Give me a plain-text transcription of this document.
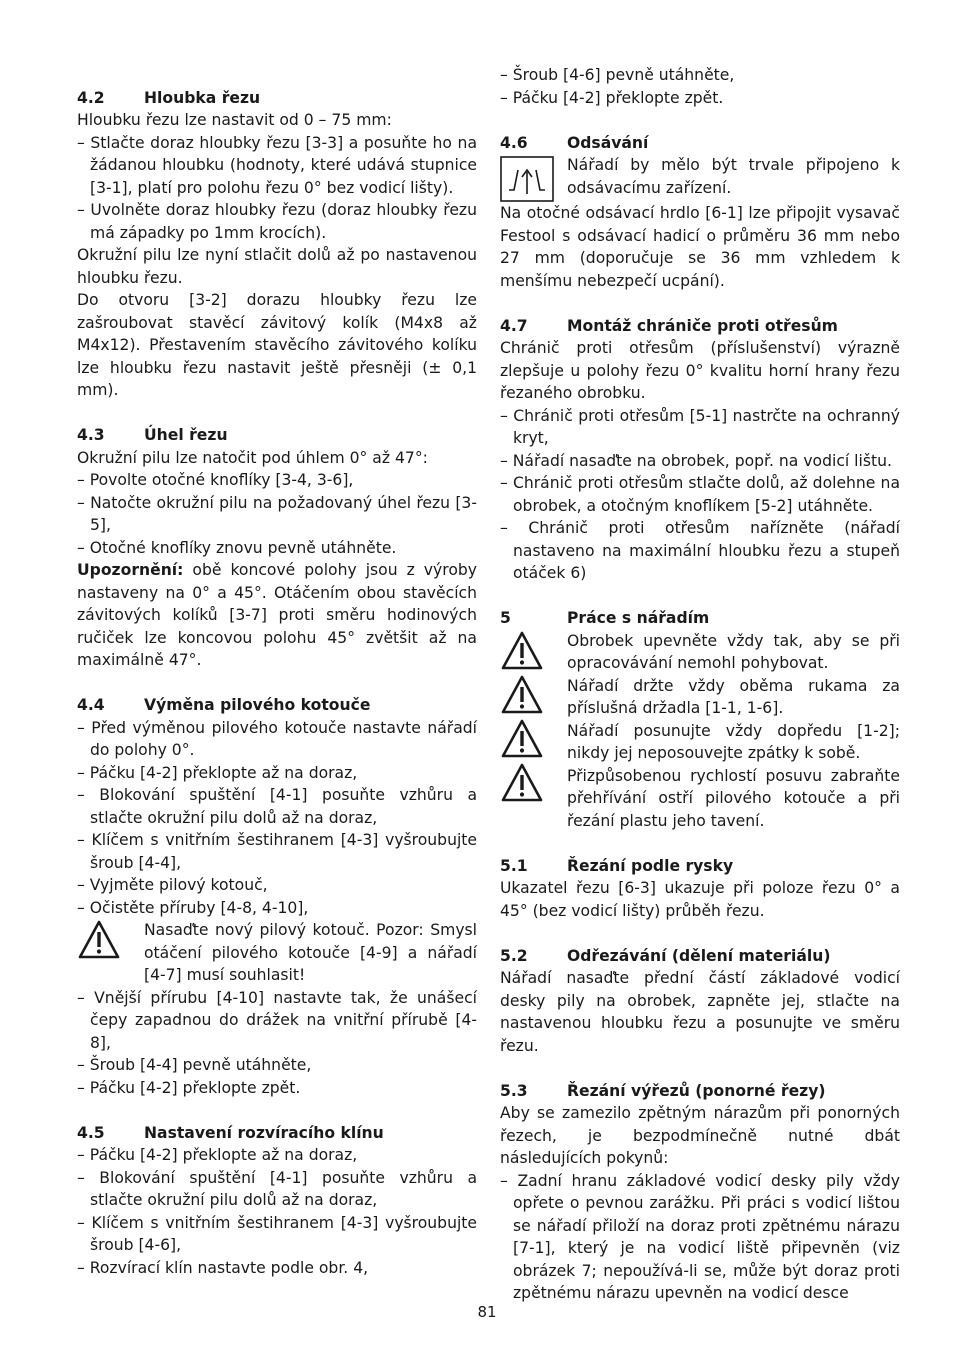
4.2	Hloubka řezu

Hloubku řezu lze nastavit od 0 – 75 mm:

– Stlačte doraz hloubky řezu [3-3] a posuňte ho na žádanou hloubku (hodnoty, které udává stupnice [3-1], platí pro polohu řezu 0° bez vodicí lišty).
– Uvolněte doraz hloubky řezu (doraz hloubky řezu má západky po 1mm krocích).

Okružní pilu lze nyní stlačit dolů až po nastavenou hloubku řezu.

Do otvoru [3-2] dorazu hloubky řezu lze zašroubovat stavěcí závitový kolík (M4x8 až M4x12). Přestavením stavěcího závitového kolíku lze hloubku řezu nastavit ještě přesněji (± 0,1 mm).

4.3	Úhel řezu

Okružní pilu lze natočit pod úhlem 0° až 47°:

– Povolte otočné knoflíky [3-4, 3-6],
– Natočte okružní pilu na požadovaný úhel řezu [3-5],
– Otočné knoflíky znovu pevně utáhněte.

Upozornění: obě koncové polohy jsou z výroby nastaveny na 0° a 45°. Otáčením obou stavěcích závitových kolíků [3-7] proti směru hodinových ručiček lze koncovou polohu 45° zvětšit až na maximálně 47°.

4.4	Výměna pilového kotouče
– Před výměnou pilového kotouče nastavte nářadí do polohy 0°.
– Páčku [4-2] překlopte až na doraz,
– Blokování spuštění [4-1] posuňte vzhůru a stlačte okružní pilu dolů až na doraz,
– Klíčem s vnitřním šestihranem [4-3] vyšroubujte šroub [4-4],
– Vyjměte pilový kotouč,
– Očistěte příruby [4-8, 4-10],

Nasaďte nový pilový kotouč. Pozor: Smysl otáčení pilového kotouče [4-9] a nářadí [4-7] musí souhlasit!

– Vnější přírubu [4-10] nastavte tak, že unášecí čepy zapadnou do drážek na vnitřní přírubě [4-8],
– Šroub [4-4] pevně utáhněte,
– Páčku [4-2] překlopte zpět.
4.5	Nastavení rozvíracího klínu
– Páčku [4-2] překlopte až na doraz,
– Blokování spuštění [4-1] posuňte vzhůru a stlačte okružní pilu dolů až na doraz,
– Klíčem s vnitřním šestihranem [4-3] vyšroubujte šroub [4-6],
– Rozvírací klín nastavte podle obr. 4,
– Šroub [4-6] pevně utáhněte,
– Páčku [4-2] překlopte zpět.
4.6	Odsávání

Nářadí by mělo být trvale připojeno k odsávacímu zařízení.

Na otočné odsávací hrdlo [6-1] lze připojit vysavač Festool s odsávací hadicí o průměru 36 mm nebo 27 mm (doporučuje se 36 mm vzhledem k menšímu nebezpečí ucpání).

4.7	Montáž chrániče proti otřesům

Chránič proti otřesům (příslušenství) výrazně zlepšuje u polohy řezu 0° kvalitu horní hrany řezu řezaného obrobku.

– Chránič proti otřesům [5-1] nastrčte na ochranný kryt,
– Nářadí nasaďte na obrobek, popř. na vodicí lištu.
– Chránič proti otřesům stlačte dolů, až dolehne na obrobek, a otočným knoflíkem [5-2] utáhněte.
– Chránič proti otřesům nařízněte (nářadí nastaveno na maximální hloubku řezu a stupeň otáček 6)
5	Práce s nářadím

Obrobek upevněte vždy tak, aby se při opracovávání nemohl pohybovat.

Nářadí držte vždy oběma rukama za příslušná držadla [1-1, 1-6].

Nářadí posunujte vždy dopředu [1-2]; nikdy jej neposouvejte zpátky k sobě.

Přizpůsobenou rychlostí posuvu zabraňte přehřívání ostří pilového kotouče a při řezání plastu jeho tavení.

5.1	Řezání podle rysky

Ukazatel řezu [6-3] ukazuje při poloze řezu 0° a 45° (bez vodicí lišty) průběh řezu.

5.2	Odřezávání (dělení materiálu)

Nářadí nasaďte přední částí základové vodicí desky pily na obrobek, zapněte jej, stlačte na nastavenou hloubku řezu a posunujte ve směru řezu.

5.3	Řezání výřezů (ponorné řezy)

Aby se zamezilo zpětným nárazům při ponorných řezech, je bezpodmínečně nutné dbát následujících pokynů:

– Zadní hranu základové vodicí desky pily vždy opřete o pevnou zarážku. Při práci s vodicí lištou se nářadí přiloží na doraz proti zpětnému nárazu [7-1], který je na vodicí liště připevněn (viz obrázek 7; nepoužívá-li se, může být doraz proti zpětnému nárazu upevněn na vodicí desce
81
